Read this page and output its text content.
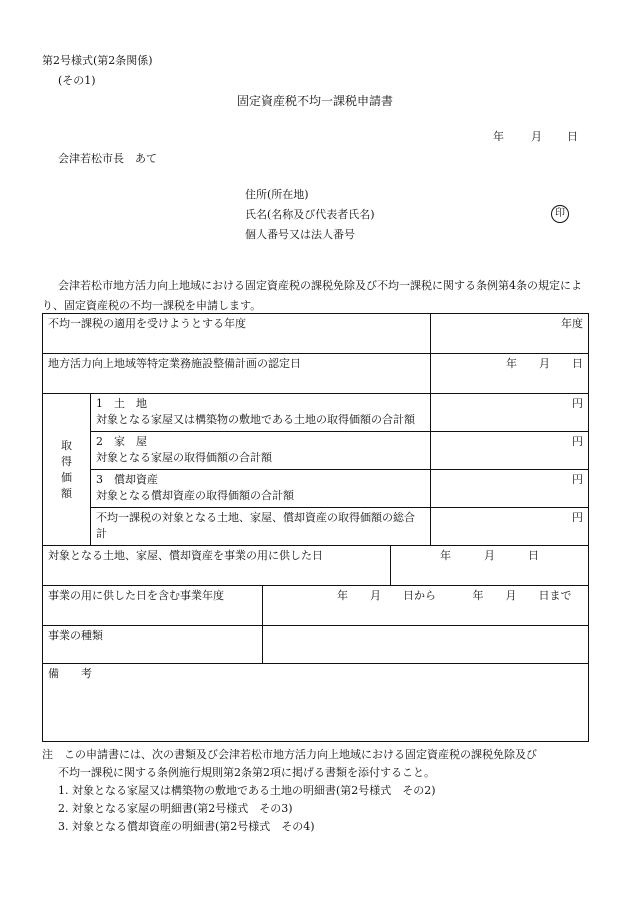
第2号様式(第2条関係)
(その1)
固定資産税不均一課税申請書
年 月 日
会津若松市長　あて
住所(所在地)
氏名(名称及び代表者氏名)	印
個人番号又は法人番号
会津若松市地方活力向上地域における固定資産税の課税免除及び不均一課税に関する条例第4条の規定により、固定資産税の不均一課税を申請します。
不均一課税の適用を受けようとする年度				年度
地方活力向上地域等特定業務施設整備計画の認定日				年　　月　　日
取得価額	1　土　地
対象となる家屋又は構築物の敷地である土地の取得価額の合計額			円

	2　家　屋
対象となる家屋の取得価額の合計額			円

	3　償却資産
対象となる償却資産の取得価額の合計額			円

	不均一課税の対象となる土地、家屋、償却資産の取得価額の総合計			円
対象となる土地、家屋、償却資産を事業の用に供した日			年　　　月　　　日	
事業の用に供した日を含む事業年度		年　　月　　日から 年　　月　　日まで		
事業の種類				
備　　考				
注　この申請書には、次の書類及び会津若松市地方活力向上地域における固定資産税の課税免除及び
不均一課税に関する条例施行規則第2条第2項に掲げる書類を添付すること。
1. 対象となる家屋又は構築物の敷地である土地の明細書(第2号様式　その2)
2. 対象となる家屋の明細書(第2号様式　その3)
3. 対象となる償却資産の明細書(第2号様式　その4)
